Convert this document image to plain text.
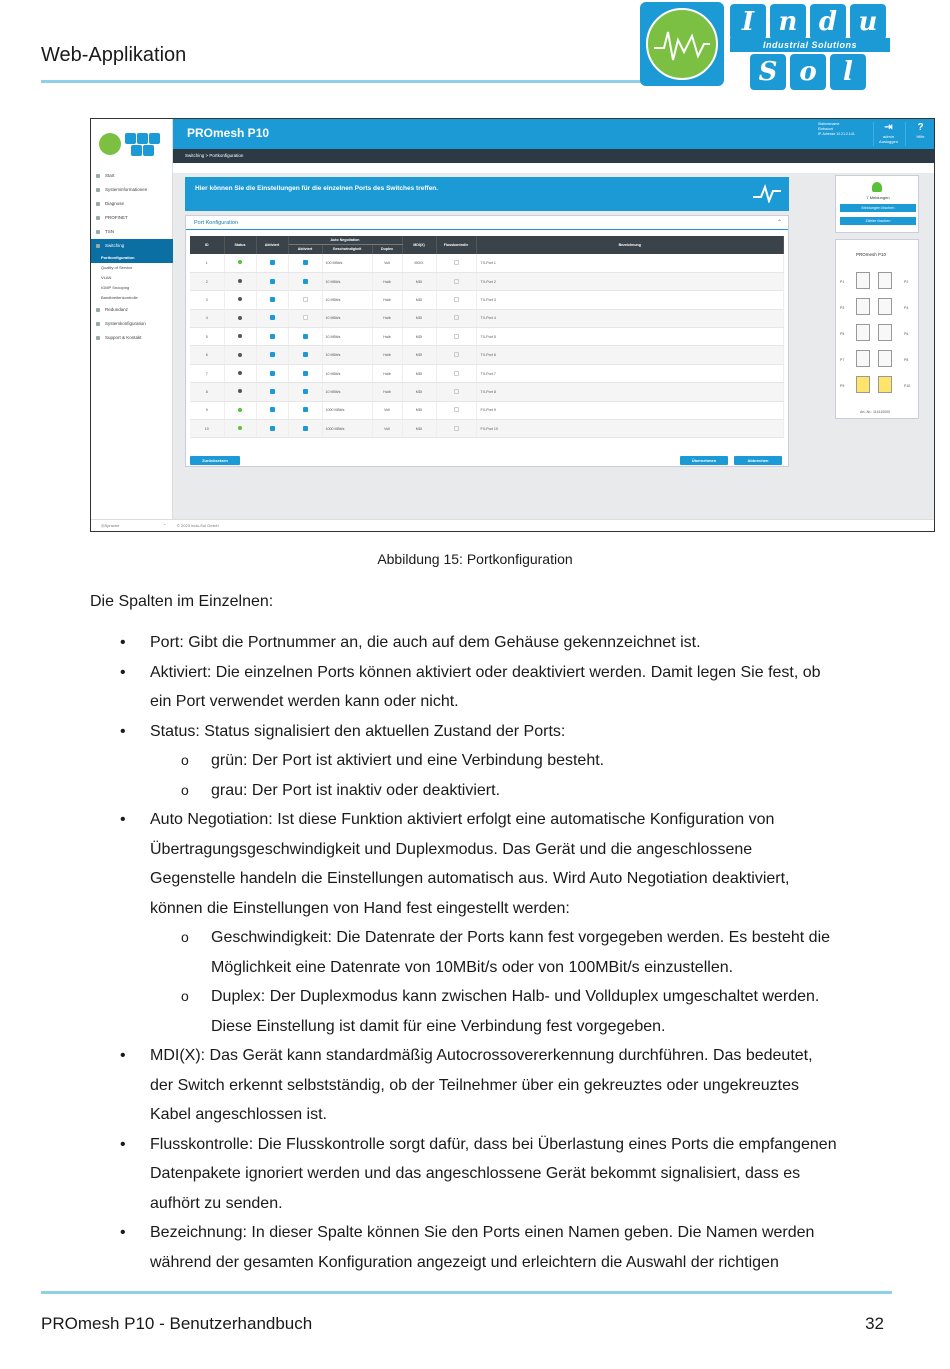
Web-Applikation
I n d u
S o	l
Industrial Solutions
Start
Systeminformationen
Diagnose
PROFINET
TSN
Switching
Portkonfiguration
Quality of Service
VLAN
IGMP Snooping
Bandbreitenkontrolle
Redundanz
Systemkonfiguration
Support & Kontakt
PROmesh P10
Stationsname
Einbauort
IP-Adresse 10.21.2.141
⇥
admin Ausloggen
?
Hilfe
Switching > Portkonfiguration
Hier können Sie die Einstellungen für die einzelnen Ports des Switches treffen.
Port Konfiguration	⌃
ID	Status	Aktiviert	Auto Negotiation			MDI(X)	Flusskontrolle	Bezeichnung
			Aktiviert	Geschwindigkeit	Duplex			
1				100 MBit/s	Voll	MDIX		TX-Port 1
2				10 MBit/s	Halb	MDI		TX-Port 2
3				10 MBit/s	Halb	MDI		TX-Port 3
4				10 MBit/s	Halb	MDI		TX-Port 4
5				10 MBit/s	Halb	MDI		TX-Port 5
6				10 MBit/s	Halb	MDI		TX-Port 6
7				10 MBit/s	Halb	MDI		TX-Port 7
8				10 MBit/s	Halb	MDI		TX-Port 8
9				1000 MBit/s	Voll	MDI		FX-Port 9
10				1000 MBit/s	Voll	MDI		FX-Port 10
Zurücksetzen	Übernehmen	Abbrechen
7 Meldungen
Meldungen löschen
Zähler löschen
PROmesh P10
P1	P2
P3	P4
P5	P6
P7	P8
P9	P10
Art.-Nr.: 114110000
◎ Sprache	⌃	© 2023 Indu-Sol GmbH
Abbildung 15: Portkonfiguration
Die Spalten im Einzelnen:
• Port: Gibt die Portnummer an, die auch auf dem Gehäuse gekennzeichnet ist.
• Aktiviert: Die einzelnen Ports können aktiviert oder deaktiviert werden. Damit legen Sie fest, ob
ein Port verwendet werden kann oder nicht.
• Status: Status signalisiert den aktuellen Zustand der Ports:
o grün: Der Port ist aktiviert und eine Verbindung besteht.
o grau: Der Port ist inaktiv oder deaktiviert.
• Auto Negotiation: Ist diese Funktion aktiviert erfolgt eine automatische Konfiguration von
Übertragungsgeschwindigkeit und Duplexmodus. Das Gerät und die angeschlossene
Gegenstelle handeln die Einstellungen automatisch aus. Wird Auto Negotiation deaktiviert,
können die Einstellungen von Hand fest eingestellt werden:
o Geschwindigkeit: Die Datenrate der Ports kann fest vorgegeben werden. Es besteht die
Möglichkeit eine Datenrate von 10MBit/s oder von 100MBit/s einzustellen.
o Duplex: Der Duplexmodus kann zwischen Halb- und Vollduplex umgeschaltet werden.
Diese Einstellung ist damit für eine Verbindung fest vorgegeben.
• MDI(X): Das Gerät kann standardmäßig Autocrossovererkennung durchführen. Das bedeutet,
der Switch erkennt selbstständig, ob der Teilnehmer über ein gekreuztes oder ungekreuztes
Kabel angeschlossen ist.
• Flusskontrolle: Die Flusskontrolle sorgt dafür, dass bei Überlastung eines Ports die empfangenen
Datenpakete ignoriert werden und das angeschlossene Gerät bekommt signalisiert, dass es
aufhört zu senden.
• Bezeichnung: In dieser Spalte können Sie den Ports einen Namen geben. Die Namen werden
während der gesamten Konfiguration angezeigt und erleichtern die Auswahl der richtigen
PROmesh P10 - Benutzerhandbuch	32
